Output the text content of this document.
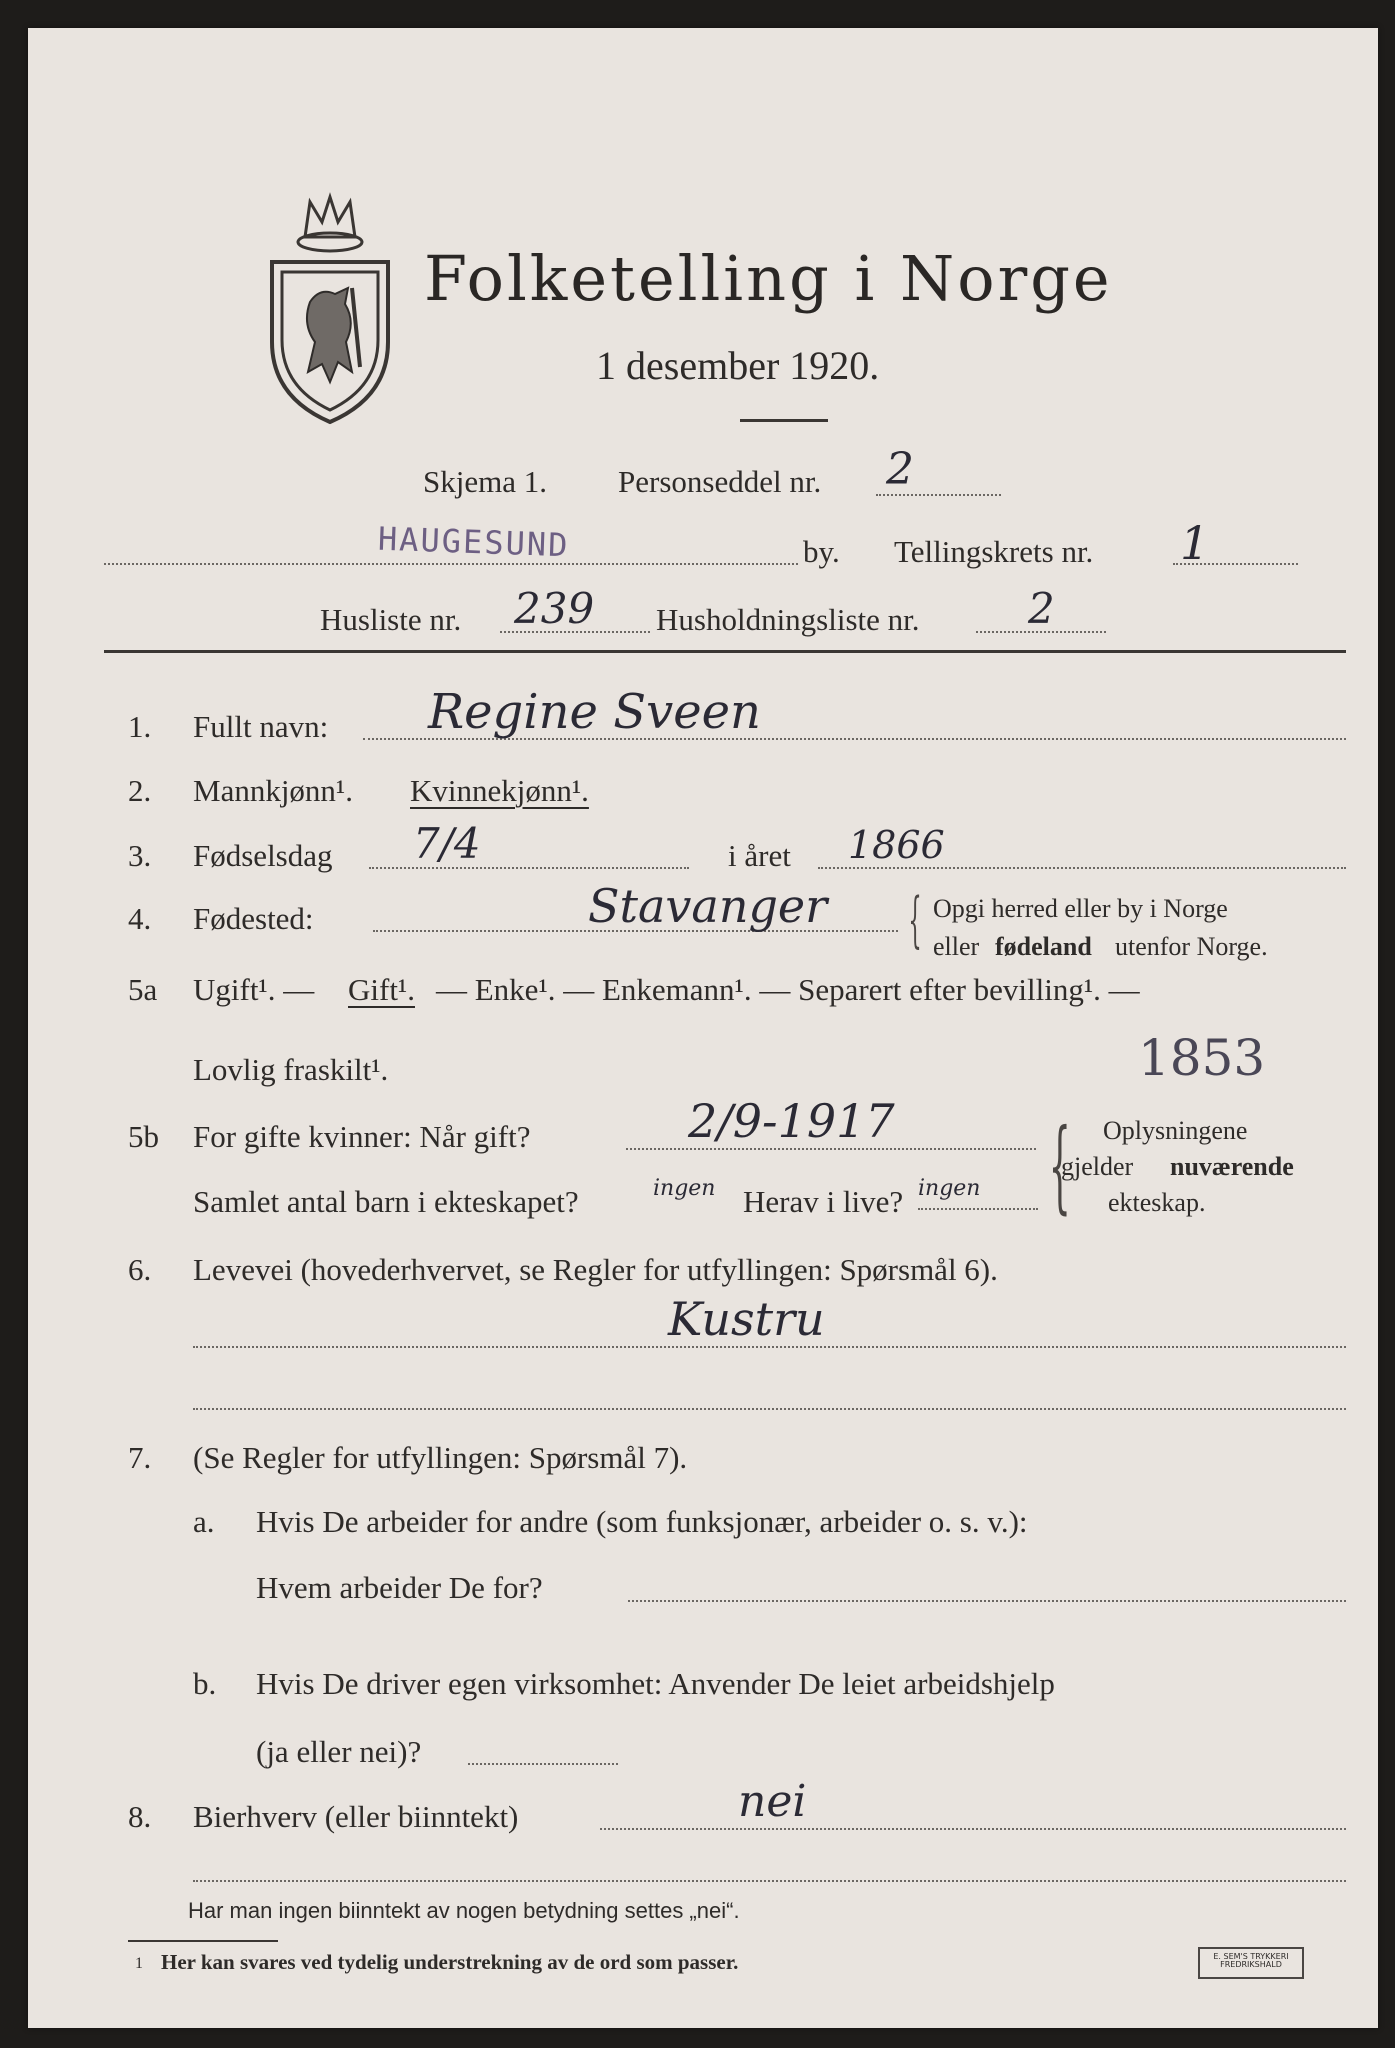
Folketelling i Norge
1 desember 1920.
Skjema 1. Personseddel nr. 2
HAUGESUND	by. Tellingskrets nr. 1
Husliste nr. 239 Husholdningsliste nr.	2
1. Fullt navn: Regine Sveen
2. Mannkjønn¹. Kvinnekjønn¹.
3. Fødselsdag 7/4	i året 1866
4. Fødested:	Stavanger { Opgi herred eller by i Norge
eller fødeland utenfor Norge.
5a Ugift¹. — Gift¹. — Enke¹. — Enkemann¹. — Separert efter bevilling¹. —
Lovlig fraskilt¹.	1853
5b For gifte kvinner: Når gift?	2/9-1917
Samlet antal barn i ekteskapet?	ingen Herav i live? ingen { Oplysningene
gjelder nuværende
ekteskap.
6. Levevei (hovederhvervet, se Regler for utfyllingen: Spørsmål 6).
Kustru
7. (Se Regler for utfyllingen: Spørsmål 7).
a. Hvis De arbeider for andre (som funksjonær, arbeider o. s. v.):
Hvem arbeider De for?
b. Hvis De driver egen virksomhet: Anvender De leiet arbeidshjelp
(ja eller nei)?
8. Bierhverv (eller biinntekt)	nei
Har man ingen biinntekt av nogen betydning settes „nei“.
1 Her kan svares ved tydelig understrekning av de ord som passer.	E. SEM'S TRYKKERI
FREDRIKSHALD
